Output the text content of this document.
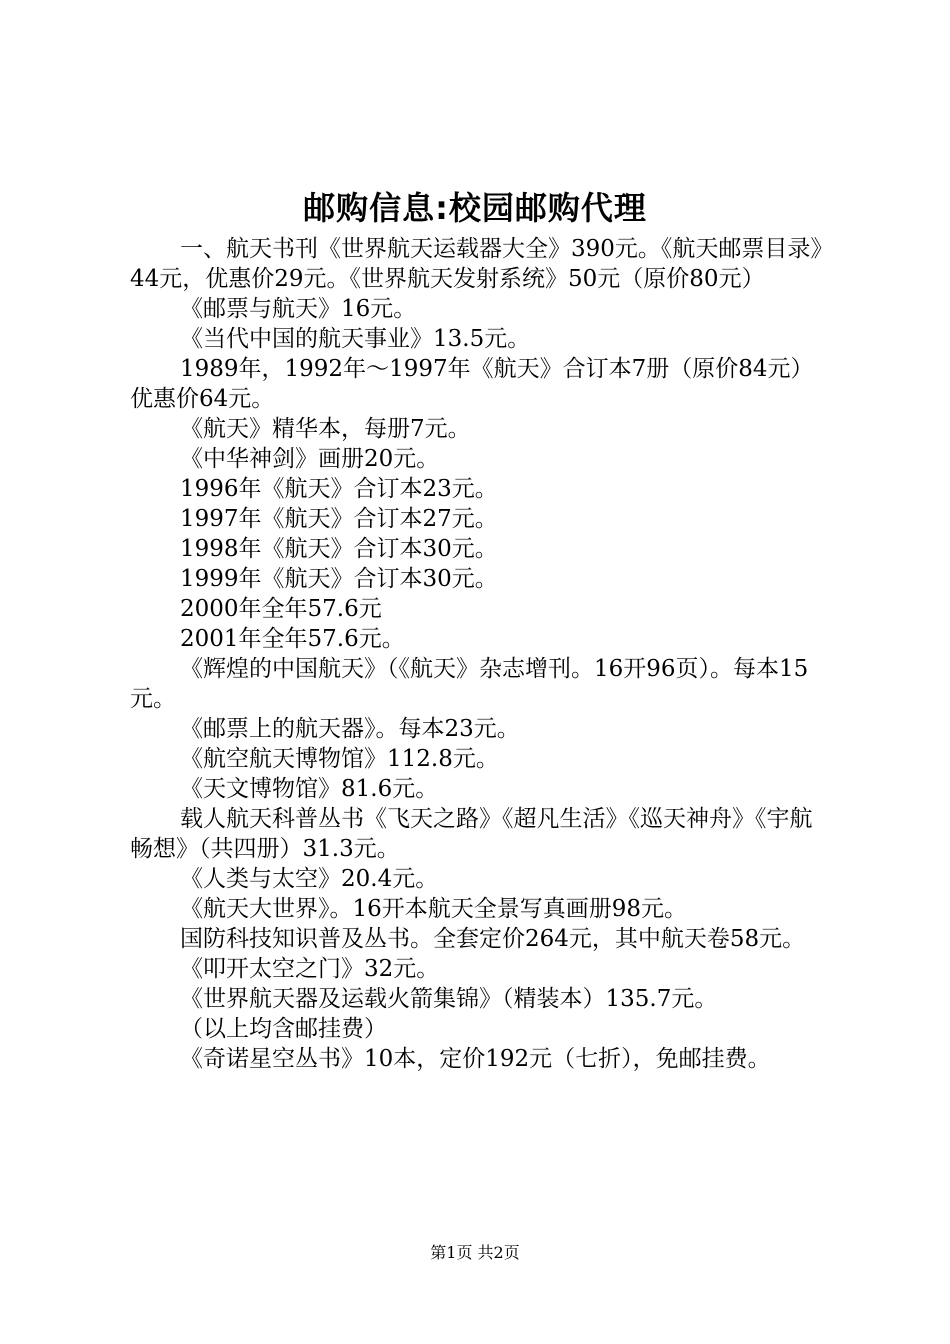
邮购信息:校园邮购代理

一、航天书刊《世界航天运载器大全》390元。《航天邮票目录》44元，优惠价29元。《世界航天发射系统》50元（原价80元）

《邮票与航天》16元。

《当代中国的航天事业》13.5元。

1989年，1992年～1997年《航天》合订本7册（原价84元）优惠价64元。

《航天》精华本，每册7元。

《中华神剑》画册20元。

1996年《航天》合订本23元。

1997年《航天》合订本27元。

1998年《航天》合订本30元。

1999年《航天》合订本30元。

2000年全年57.6元

2001年全年57.6元。

《辉煌的中国航天》（《航天》杂志增刊。16开96页）。每本15元。

《邮票上的航天器》。每本23元。

《航空航天博物馆》112.8元。

《天文博物馆》81.6元。

载人航天科普丛书《飞天之路》《超凡生活》《巡天神舟》《宇航畅想》（共四册）31.3元。

《人类与太空》20.4元。

《航天大世界》。16开本航天全景写真画册98元。

国防科技知识普及丛书。全套定价264元，其中航天卷58元。

《叩开太空之门》32元。

《世界航天器及运载火箭集锦》（精装本）135.7元。

（以上均含邮挂费）

《奇诺星空丛书》10本，定价192元（七折），免邮挂费。

第1页 共2页
